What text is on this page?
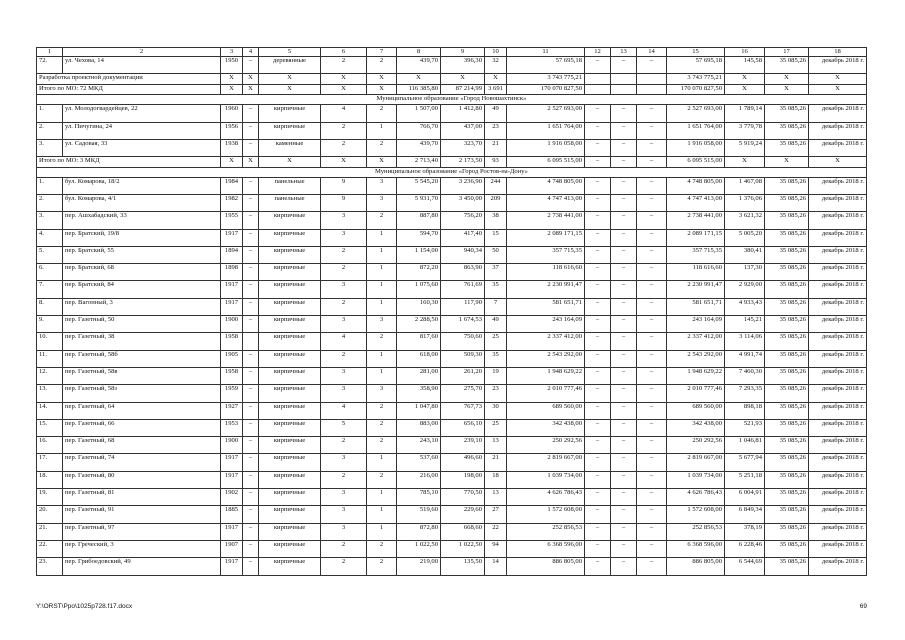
1	2	3	4	5	6	7	8	9	10	11	12	13	14	15	16	17	18
72.	ул. Чехова, 14	1950	–	деревянные	2	2	439,70	396,30	32	57 695,18	–	–	–	57 695,18	145,58	35 085,26	декабрь 2018 г.
Разработка проектной документации		X	X	X	X	X	X	X	X	3 743 775,21				3 743 775,21	X	X	X
Итого по МО: 72 МКД		X	X	X	X	X	116 385,80	87 214,99	3 691	170 070 827,50				170 070 827,50	X	X	X
Муниципальное образование «Город Новошахтинск»																	
1.	ул. Молодогвардейцев, 22	1960	–	кирпичные	4	2	1 507,00	1 412,80	49	2 527 693,00	–	–	–	2 527 693,00	1 789,14	35 085,26	декабрь 2018 г.
2.	ул. Пичугина, 24	1956	–	кирпичные	2	1	766,70	437,00	23	1 651 764,00	–	–	–	1 651 764,00	3 779,78	35 085,26	декабрь 2018 г.
3.	ул. Садовая, 33	1938	–	каменные	2	2	439,70	323,70	21	1 916 058,00	–	–	–	1 916 058,00	5 919,24	35 085,26	декабрь 2018 г.
Итого по МО: 3 МКД		X	X	X	X	X	2 713,40	2 173,50	93	6 095 515,00	–	–	–	6 095 515,00	X	X	X
Муниципальное образование «Город Ростов-на-Дону»																	
1.	бул. Комарова, 18/2	1984	–	панельные	9	3	5 545,20	3 236,90	244	4 748 805,00	–	–	–	4 748 805,00	1 467,08	35 085,26	декабрь 2018 г.
2.	бул. Комарова, 4/1	1982	–	панельные	9	3	5 931,70	3 450,00	209	4 747 413,00	–	–	–	4 747 413,00	1 376,06	35 085,26	декабрь 2018 г.
3.	пер. Ашхабадский, 33	1955	–	кирпичные	3	2	887,80	756,20	38	2 738 441,00	–	–	–	2 738 441,00	3 621,32	35 085,26	декабрь 2018 г.
4.	пер. Братский, 19/8	1917	–	кирпичные	3	1	594,70	417,40	15	2 089 171,15	–	–	–	2 089 171,15	5 005,20	35 085,26	декабрь 2018 г.
5.	пер. Братский, 55	1894	–	кирпичные	2	1	1 154,00	940,34	50	357 715,35	–	–	–	357 715,35	380,41	35 085,26	декабрь 2018 г.
6.	пер. Братский, 68	1898	–	кирпичные	2	1	872,20	863,90	37	118 616,60	–	–	–	118 616,60	137,30	35 085,26	декабрь 2018 г.
7.	пер. Братский, 84	1917	–	кирпичные	3	1	1 075,60	761,69	35	2 230 991,47	–	–	–	2 230 991,47	2 929,00	35 085,26	декабрь 2018 г.
8.	пер. Вагонный, 3	1917	–	кирпичные	2	1	160,30	117,90	7	581 651,71	–	–	–	581 651,71	4 933,43	35 085,26	декабрь 2018 г.
9.	пер. Газетный, 50	1900	–	кирпичные	3	3	2 288,50	1 674,53	49	243 164,09	–	–	–	243 164,09	145,21	35 085,26	декабрь 2018 г.
10.	пер. Газетный, 38	1958		кирпичные	4	2	817,60	750,60	25	2 337 412,00	–	–	–	2 337 412,00	3 114,06	35 085,26	декабрь 2018 г.
11.	пер. Газетный, 58б	1905	–	кирпичные	2	1	618,00	509,30	35	2 543 292,00	–	–	–	2 543 292,00	4 991,74	35 085,26	декабрь 2018 г.
12.	пер. Газетный, 58в	1958	–	кирпичные	3	1	281,00	261,20	19	1 948 629,22	–	–	–	1 948 629,22	7 460,30	35 085,26	декабрь 2018 г.
13.	пер. Газетный, 58з	1959	–	кирпичные	3	3	358,90	275,70	23	2 010 777,46	–	–	–	2 010 777,46	7 293,35	35 085,26	декабрь 2018 г.
14.	пер. Газетный, 64	1927	–	кирпичные	4	2	1 047,80	767,73	30	689 560,00	–	–	–	689 560,00	898,18	35 085,26	декабрь 2018 г.
15.	пер. Газетный, 66	1953	–	кирпичные	5	2	883,00	656,10	25	342 438,00	–	–	–	342 438,00	521,93	35 085,26	декабрь 2018 г.
16.	пер. Газетный, 68	1900	–	кирпичные	2	2	243,10	239,10	13	250 292,56	–	–	–	250 292,56	1 046,81	35 085,26	декабрь 2018 г.
17.	пер. Газетный, 74	1917	–	кирпичные	3	1	537,60	496,60	21	2 819 667,00	–	–	–	2 819 667,00	5 677,94	35 085,26	декабрь 2018 г.
18.	пер. Газетный, 80	1917	–	кирпичные	2	2	216,00	198,00	18	1 039 734,00	–	–	–	1 039 734,00	5 251,18	35 085,26	декабрь 2018 г.
19.	пер. Газетный, 81	1902	–	кирпичные	3	1	785,10	770,50	13	4 626 786,43	–	–	–	4 626 786,43	6 004,91	35 085,26	декабрь 2018 г.
20.	пер. Газетный, 91	1885	–	кирпичные	3	1	519,60	229,60	27	1 572 608,00	–	–	–	1 572 608,00	6 849,34	35 085,26	декабрь 2018 г.
21.	пер. Газетный, 97	1917	–	кирпичные	3	1	872,80	668,60	22	252 856,53	–	–	–	252 856,53	378,19	35 085,26	декабрь 2018 г.
22.	пер. Греческий, 3	1907	–	кирпичные	2	2	1 022,50	1 022,50	94	6 368 596,00	–	–	–	6 368 596,00	6 228,46	35 085,26	декабрь 2018 г.
23.	пер. Грибоедовский, 49	1917	–	кирпичные	2	2	219,00	135,50	14	886 805,00	–	–	–	886 805,00	6 544,69	35 085,26	декабрь 2018 г.
Y:\ORST\Ppo\1025p728.f17.docx	69
